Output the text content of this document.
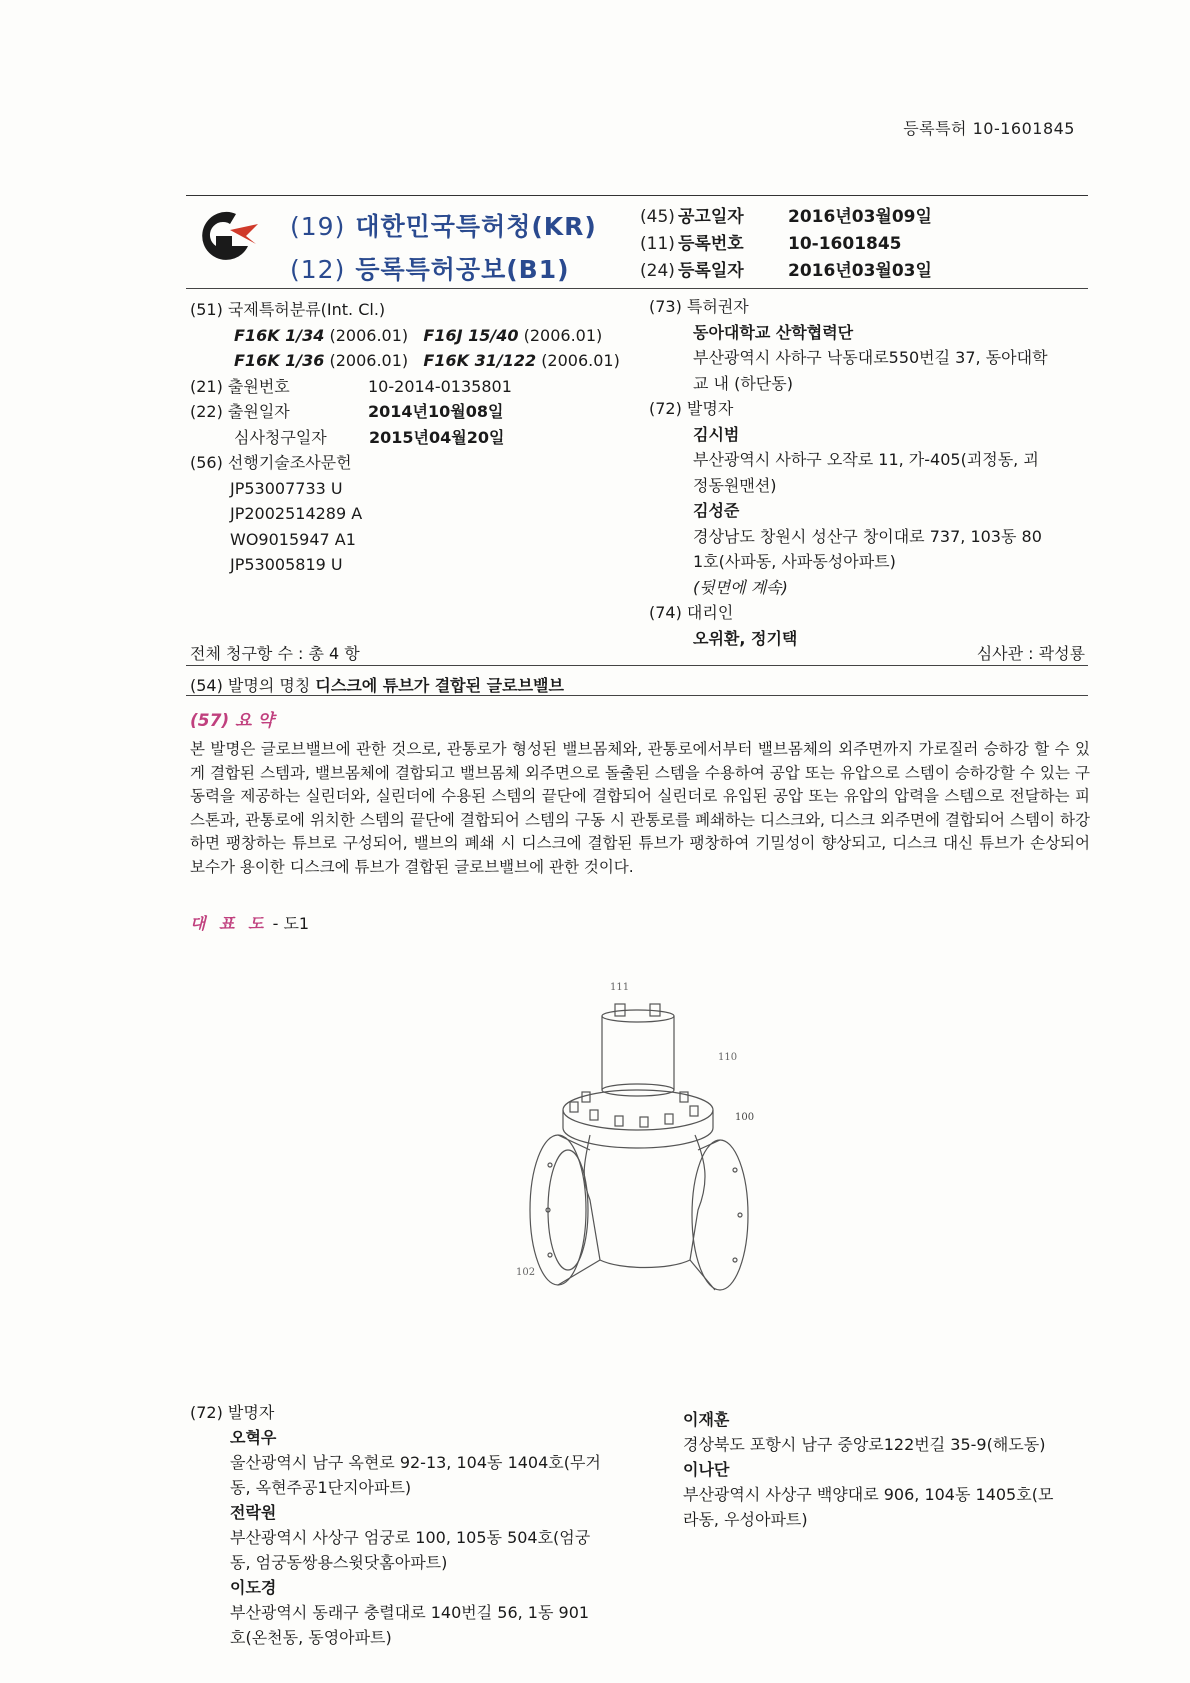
등록특허 10-1601845
(19) 대한민국특허청(KR)
(12) 등록특허공보(B1)
(45) 공고일자	2016년03월09일
(11) 등록번호	10-1601845
(24) 등록일자	2016년03월03일
(51) 국제특허분류(Int. Cl.)
F16K 1/34 (2006.01) F16J 15/40 (2006.01)
F16K 1/36 (2006.01) F16K 31/122 (2006.01)
(21) 출원번호	10-2014-0135801
(22) 출원일자	2014년10월08일
심사청구일자	2015년04월20일
(56) 선행기술조사문헌
JP53007733 U
JP2002514289 A
WO9015947 A1
JP53005819 U
(73) 특허권자
동아대학교 산학협력단
부산광역시 사하구 낙동대로550번길 37, 동아대학
교 내 (하단동)
(72) 발명자
김시범
부산광역시 사하구 오작로 11, 가-405(괴정동, 괴
정동원맨션)
김성준
경상남도 창원시 성산구 창이대로 737, 103동 80
1호(사파동, 사파동성아파트)
(뒷면에 계속)
(74) 대리인
오위환, 정기택
전체 청구항 수 : 총 4 항	심사관 : 곽성룡
(54) 발명의 명칭 디스크에 튜브가 결합된 글로브밸브
(57) 요 약
본 발명은 글로브밸브에 관한 것으로, 관통로가 형성된 밸브몸체와, 관통로에서부터 밸브몸체의 외주면까지 가로질러 승하강 할 수 있게 결합된 스템과, 밸브몸체에 결합되고 밸브몸체 외주면으로 돌출된 스템을 수용하여 공압 또는 유압으로 스템이 승하강할 수 있는 구동력을 제공하는 실린더와, 실린더에 수용된 스템의 끝단에 결합되어 실린더로 유입된 공압 또는 유압의 압력을 스템으로 전달하는 피스톤과, 관통로에 위치한 스템의 끝단에 결합되어 스템의 구동 시 관통로를 폐쇄하는 디스크와, 디스크 외주면에 결합되어 스템이 하강하면 팽창하는 튜브로 구성되어, 밸브의 폐쇄 시 디스크에 결합된 튜브가 팽창하여 기밀성이 향상되고, 디스크 대신 튜브가 손상되어 보수가 용이한 디스크에 튜브가 결합된 글로브밸브에 관한 것이다.
대 표 도 - 도1
111
110
100
102
(72) 발명자
오혁우
울산광역시 남구 옥현로 92-13, 104동 1404호(무거
동, 옥현주공1단지아파트)
전락원
부산광역시 사상구 엄궁로 100, 105동 504호(엄궁
동, 엄궁동쌍용스윗닷홈아파트)
이도경
부산광역시 동래구 충렬대로 140번길 56, 1동 901
호(온천동, 동영아파트)
이재훈
경상북도 포항시 남구 중앙로122번길 35-9(해도동)
이나단
부산광역시 사상구 백양대로 906, 104동 1405호(모
라동, 우성아파트)
